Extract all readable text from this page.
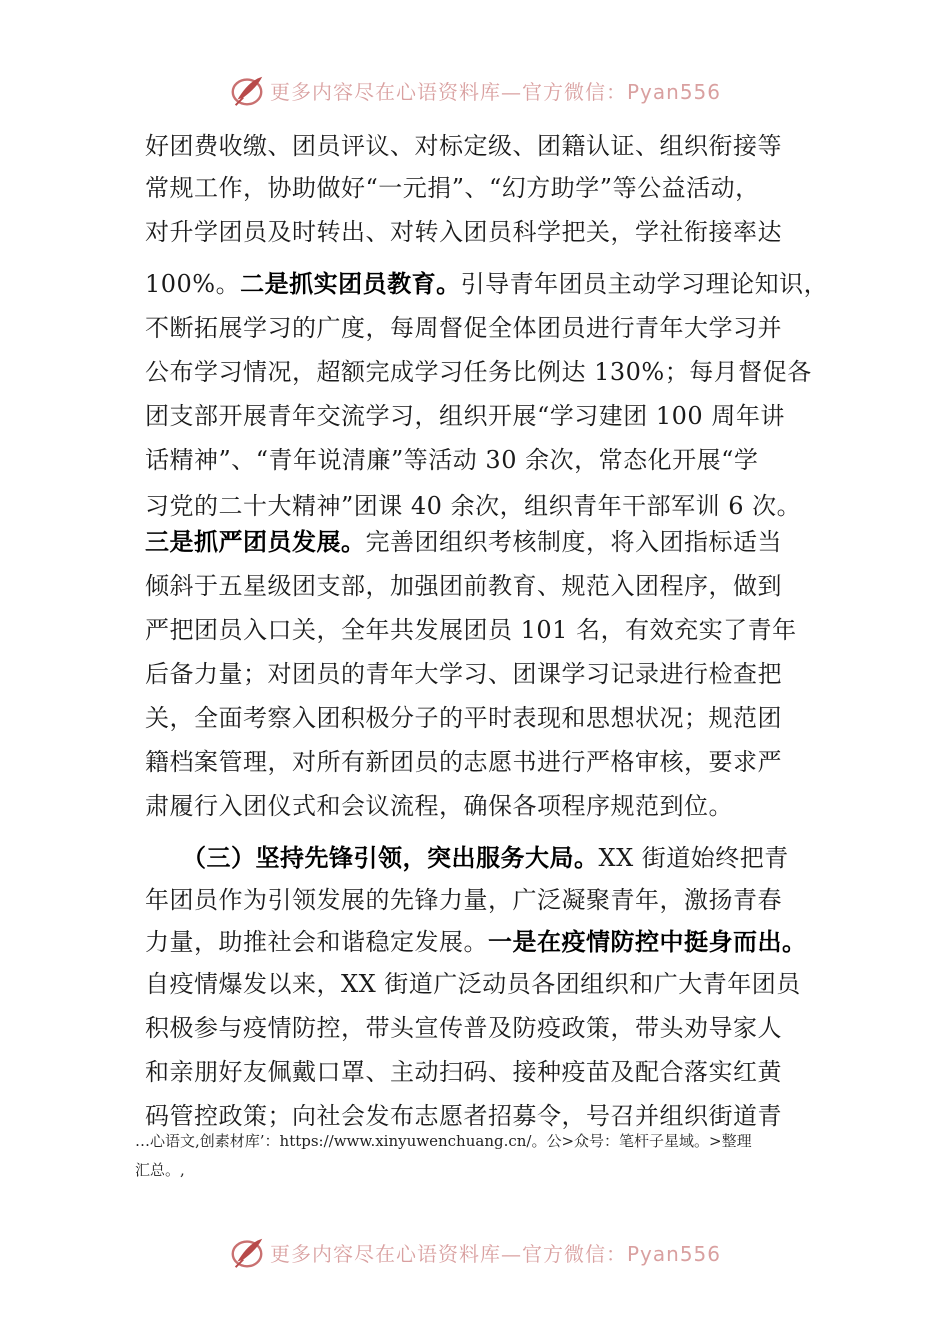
更多内容尽在心语资料库—官方微信：Pyan556
好团费收缴、团员评议、对标定级、团籍认证、组织衔接等
常规工作，协助做好“一元捐”、“幻方助学”等公益活动，
对升学团员及时转出、对转入团员科学把关，学社衔接率达
100%。二是抓实团员教育。引导青年团员主动学习理论知识，
不断拓展学习的广度，每周督促全体团员进行青年大学习并
公布学习情况，超额完成学习任务比例达 130%；每月督促各
团支部开展青年交流学习，组织开展“学习建团 100 周年讲
话精神”、“青年说清廉”等活动 30 余次，常态化开展“学
习党的二十大精神”团课 40 余次，组织青年干部军训 6 次。
三是抓严团员发展。完善团组织考核制度，将入团指标适当
倾斜于五星级团支部，加强团前教育、规范入团程序，做到
严把团员入口关，全年共发展团员 101 名，有效充实了青年
后备力量；对团员的青年大学习、团课学习记录进行检查把
关，全面考察入团积极分子的平时表现和思想状况；规范团
籍档案管理，对所有新团员的志愿书进行严格审核，要求严
肃履行入团仪式和会议流程，确保各项程序规范到位。
　　（三）坚持先锋引领，突出服务大局。XX 街道始终把青
年团员作为引领发展的先锋力量，广泛凝聚青年，激扬青春
力量，助推社会和谐稳定发展。一是在疫情防控中挺身而出。
自疫情爆发以来，XX 街道广泛动员各团组织和广大青年团员
积极参与疫情防控，带头宣传普及防疫政策，带头劝导家人
和亲朋好友佩戴口罩、主动扫码、接种疫苗及配合落实红黄
码管控政策；向社会发布志愿者招募令，号召并组织街道青
…心语文,创素材库’：https://www.xinyuwenchuang.cn/。公>众号：笔杆子星域。>整理
汇总。,
更多内容尽在心语资料库—官方微信：Pyan556
